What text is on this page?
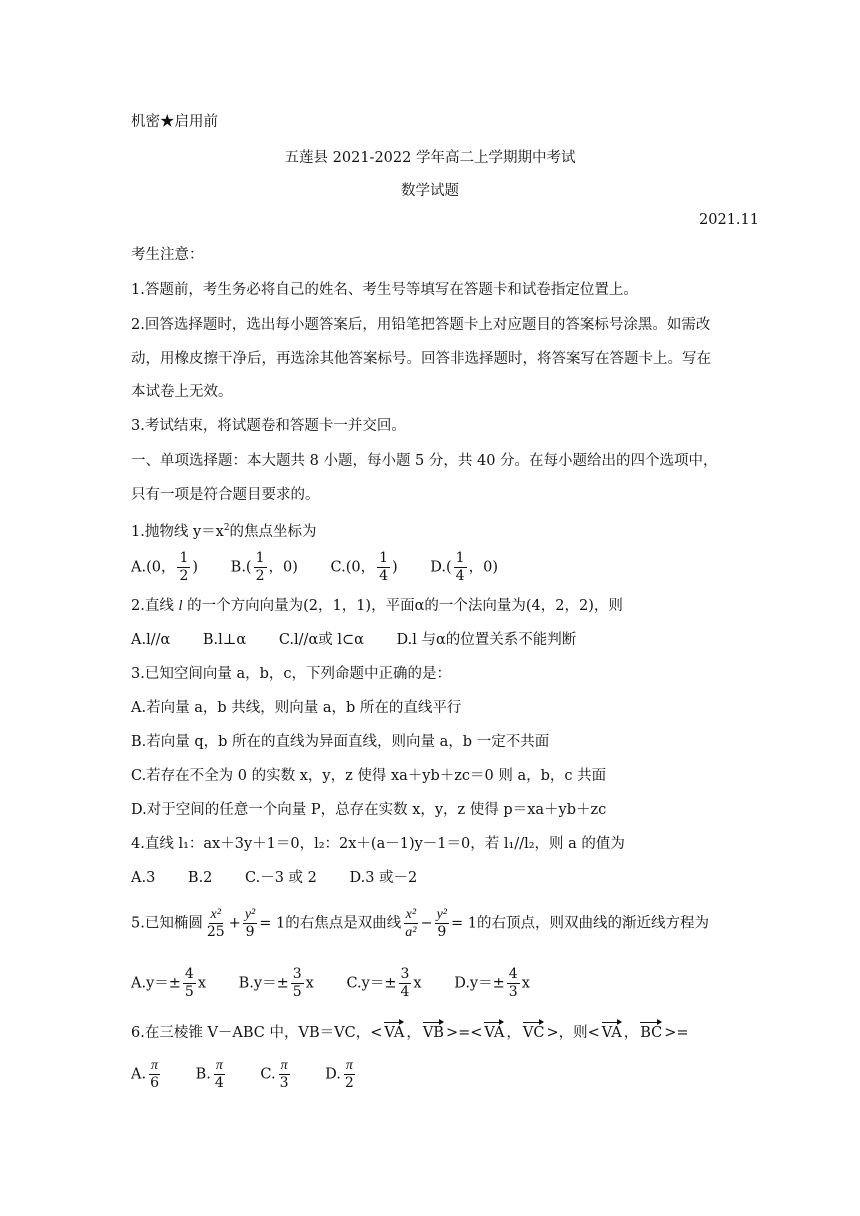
机密★启用前
五莲县 2021-2022 学年高二上学期期中考试
数学试题
2021.11
考生注意：
1.答题前，考生务必将自己的姓名、考生号等填写在答题卡和试卷指定位置上。
2.回答选择题时，选出每小题答案后，用铅笔把答题卡上对应题目的答案标号涂黑。如需改
动，用橡皮擦干净后，再选涂其他答案标号。回答非选择题时，将答案写在答题卡上。写在
本试卷上无效。
3.考试结束，将试题卷和答题卡一并交回。
一、单项选择题：本大题共 8 小题，每小题 5 分，共 40 分。在每小题给出的四个选项中，
只有一项是符合题目要求的。
1.抛物线 $y=x^2$的焦点坐标为
A.(0， $\frac{1}{2}$ ) $B.( \frac{1}{2}$ ，0) C.(0， $\frac{1}{4}$ ) $D.( \frac{1}{4}$ ，0)
2.直线 l 的一个方向向量为(2，1，1)，平面α的一个法向量为(4，2，2)，则
A.l//α B.l⊥α C.l//α或 l⊂α D.l 与α的位置关系不能判断
3.已知空间向量 a，b，c，下列命题中正确的是：
A.若向量 a，b 共线，则向量 a，b 所在的直线平行
B.若向量 q，b 所在的直线为异面直线，则向量 a，b 一定不共面
C.若存在不全为 0 的实数 x，y，z 使得 xa＋yb＋zc＝0 则 a，b，c 共面
D.对于空间的任意一个向量 P，总存在实数 x，y，z 使得 p＝xa＋yb＋zc
4.直线 l₁：ax＋3y＋1＝0，l₂：2x＋(a－1)y－1＝0，若 l₁//l₂，则 a 的值为
A.3 B.2 C.－3 或 2 D.3 或－2
5.已知椭圆 $\frac{\text{x²}}{25} + \frac{\text{y²}}{9} = 1$的右焦点是双曲线 $\frac{\text{x²}}{\text{a²}} - \frac{\text{y²}}{9} = 1$的右顶点，则双曲线的渐近线方程为
$A.y=\pm \frac{4}{5}$ x $B.y=\pm \frac{3}{5}$ x $C.y=\pm \frac{3}{4}$ x $D.y=\pm \frac{4}{3}$ x
6.在三棱锥 V－ABC 中，VB＝VC，< VA ， VB >=< VA ， VC >，则< VA ， BC >=
A. $\frac{\pi}{6} B$. $\frac{\pi}{4} C$. $\frac{\pi}{3} D$. $\frac{\pi}{2}$
